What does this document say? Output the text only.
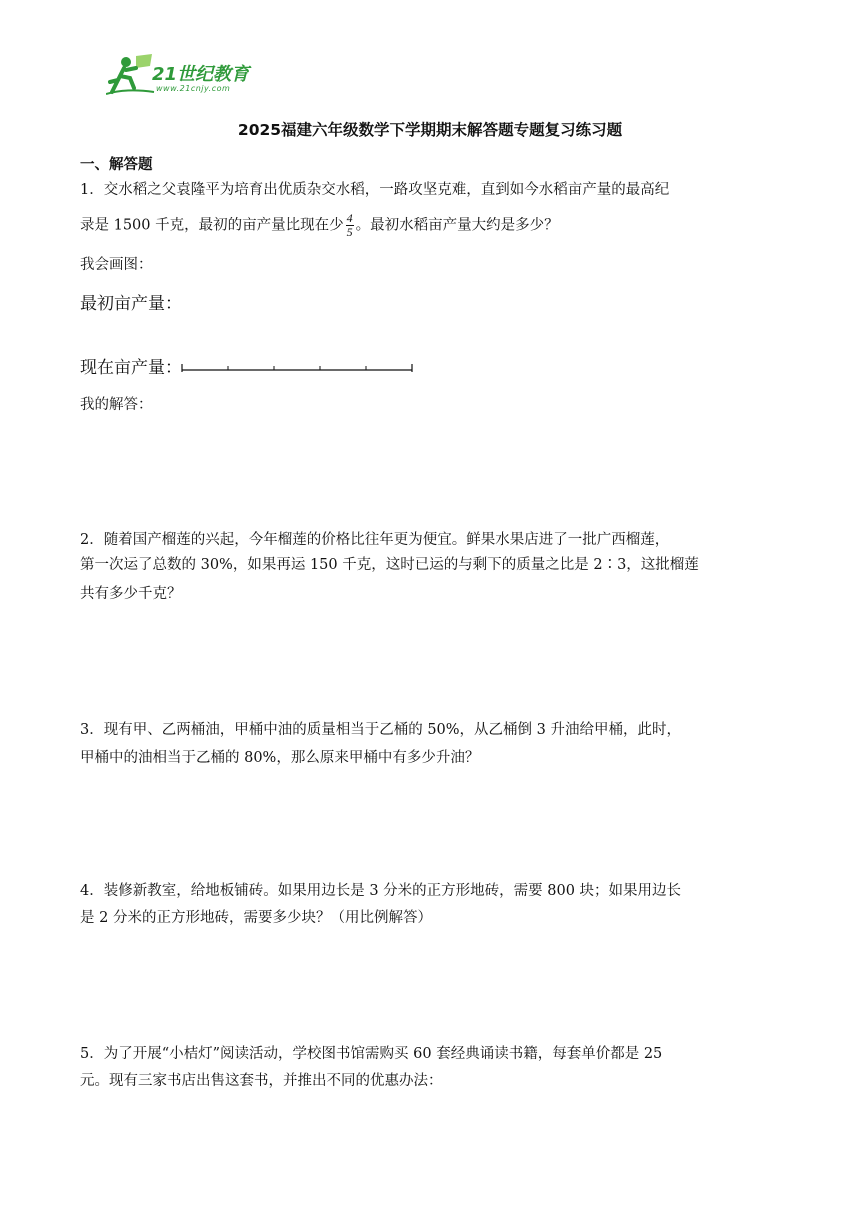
21世纪教育
www.21cnjy.com
2025福建六年级数学下学期期末解答题专题复习练习题
一、解答题
1．交水稻之父袁隆平为培育出优质杂交水稻，一路攻坚克难，直到如今水稻亩产量的最高纪
录是 1500 千克，最初的亩产量比现在少 $\frac{4}{5}$ 。最初水稻亩产量大约是多少？
我会画图：
最初亩产量：
现在亩产量：
我的解答：
2．随着国产榴莲的兴起，今年榴莲的价格比往年更为便宜。鲜果水果店进了一批广西榴莲，
第一次运了总数的 30%，如果再运 150 千克，这时已运的与剩下的质量之比是 2∶3，这批榴莲
共有多少千克？
3．现有甲、乙两桶油，甲桶中油的质量相当于乙桶的 50%，从乙桶倒 3 升油给甲桶，此时，
甲桶中的油相当于乙桶的 80%，那么原来甲桶中有多少升油？
4．装修新教室，给地板铺砖。如果用边长是 3 分米的正方形地砖，需要 800 块；如果用边长
是 2 分米的正方形地砖，需要多少块？（用比例解答）
5．为了开展“小桔灯”阅读活动，学校图书馆需购买 60 套经典诵读书籍，每套单价都是 25
元。现有三家书店出售这套书，并推出不同的优惠办法：
